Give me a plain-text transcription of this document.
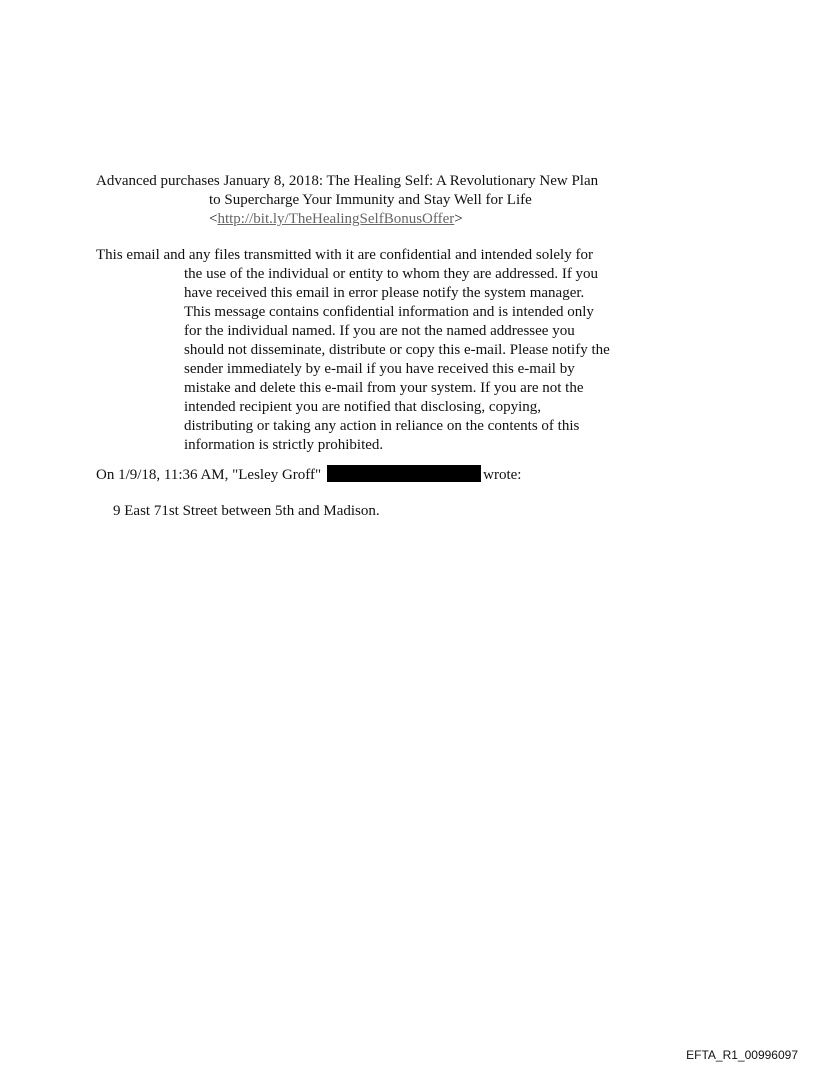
Advanced purchases January 8, 2018: The Healing Self: A Revolutionary New Plan
to Supercharge Your Immunity and Stay Well for Life
<http://bit.ly/TheHealingSelfBonusOffer>
This email and any files transmitted with it are confidential and intended solely for
the use of the individual or entity to whom they are addressed. If you
have received this email in error please notify the system manager.
This message contains confidential information and is intended only
for the individual named. If you are not the named addressee you
should not disseminate, distribute or copy this e-mail. Please notify the
sender immediately by e-mail if you have received this e-mail by
mistake and delete this e-mail from your system. If you are not the
intended recipient you are notified that disclosing, copying,
distributing or taking any action in reliance on the contents of this
information is strictly prohibited.
On 1/9/18, 11:36 AM, "Lesley Groff"	wrote:
9 East 71st Street between 5th and Madison.
EFTA_R1_00996097
